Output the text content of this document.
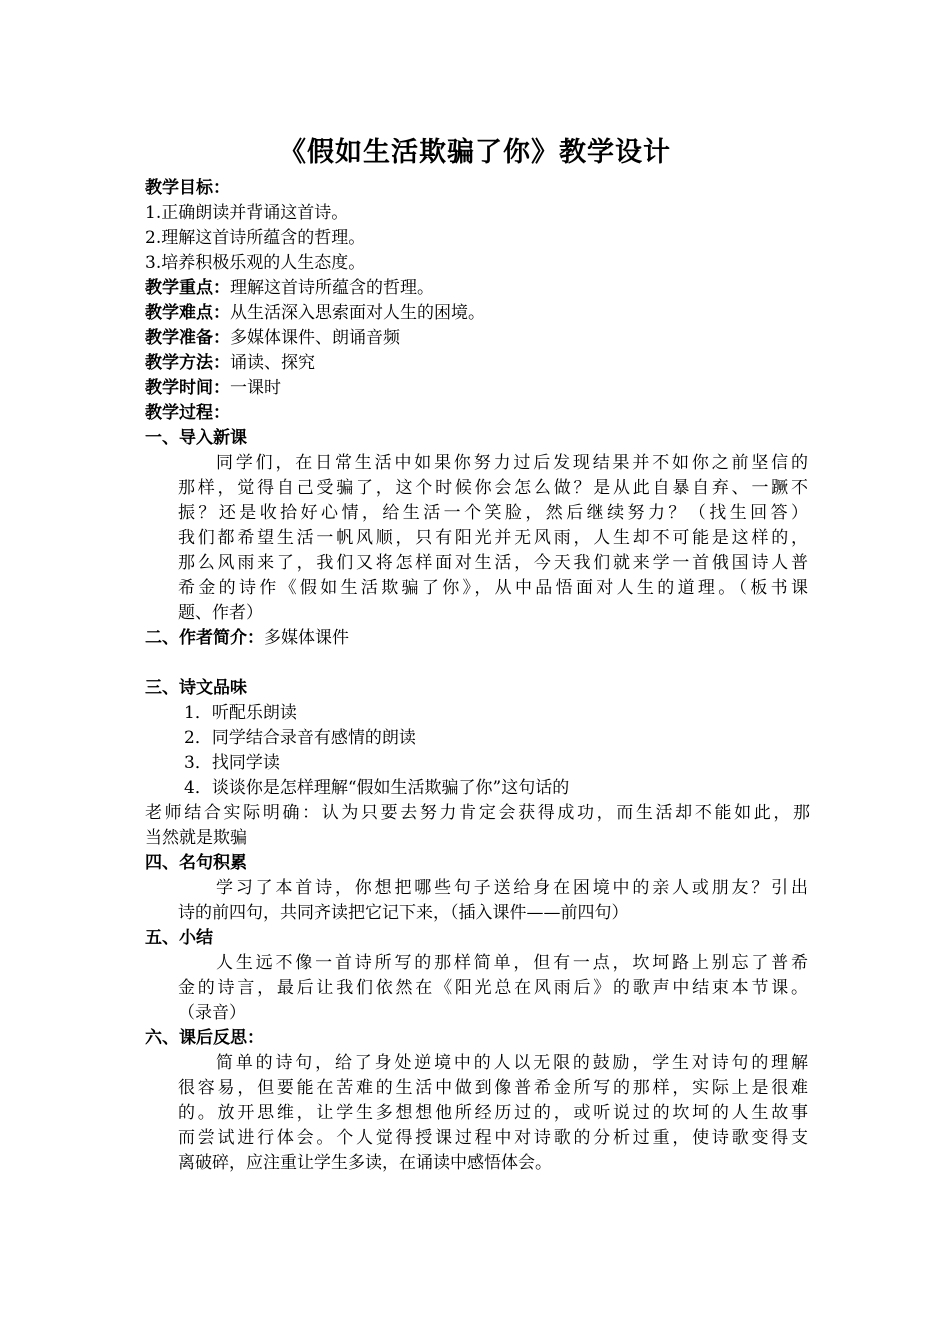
《假如生活欺骗了你》教学设计
教学目标：
1.正确朗读并背诵这首诗。
2.理解这首诗所蕴含的哲理。
3.培养积极乐观的人生态度。
教学重点：理解这首诗所蕴含的哲理。
教学难点：从生活深入思索面对人生的困境。
教学准备：多媒体课件、朗诵音频
教学方法：诵读、探究
教学时间：一课时
教学过程：
一、导入新课
同学们，在日常生活中如果你努力过后发现结果并不如你之前坚信的
那样，觉得自己受骗了，这个时候你会怎么做？是从此自暴自弃、一蹶不
振？还是收拾好心情，给生活一个笑脸，然后继续努力？（找生回答）
我们都希望生活一帆风顺，只有阳光并无风雨，人生却不可能是这样的，
那么风雨来了，我们又将怎样面对生活，今天我们就来学一首俄国诗人普
希金的诗作《假如生活欺骗了你》，从中品悟面对人生的道理。（板书课
题、作者）
二、作者简介：多媒体课件
三、诗文品味
1．听配乐朗读
2．同学结合录音有感情的朗读
3．找同学读
4．谈谈你是怎样理解“假如生活欺骗了你”这句话的
老师结合实际明确：认为只要去努力肯定会获得成功，而生活却不能如此，那
当然就是欺骗
四、名句积累
学习了本首诗，你想把哪些句子送给身在困境中的亲人或朋友？引出
诗的前四句，共同齐读把它记下来，（插入课件——前四句）
五、小结
人生远不像一首诗所写的那样简单，但有一点，坎坷路上别忘了普希
金的诗言，最后让我们依然在《阳光总在风雨后》的歌声中结束本节课。
（录音）
六、课后反思：
简单的诗句，给了身处逆境中的人以无限的鼓励，学生对诗句的理解
很容易，但要能在苦难的生活中做到像普希金所写的那样，实际上是很难
的。放开思维，让学生多想想他所经历过的，或听说过的坎坷的人生故事
而尝试进行体会。个人觉得授课过程中对诗歌的分析过重，使诗歌变得支
离破碎，应注重让学生多读，在诵读中感悟体会。
